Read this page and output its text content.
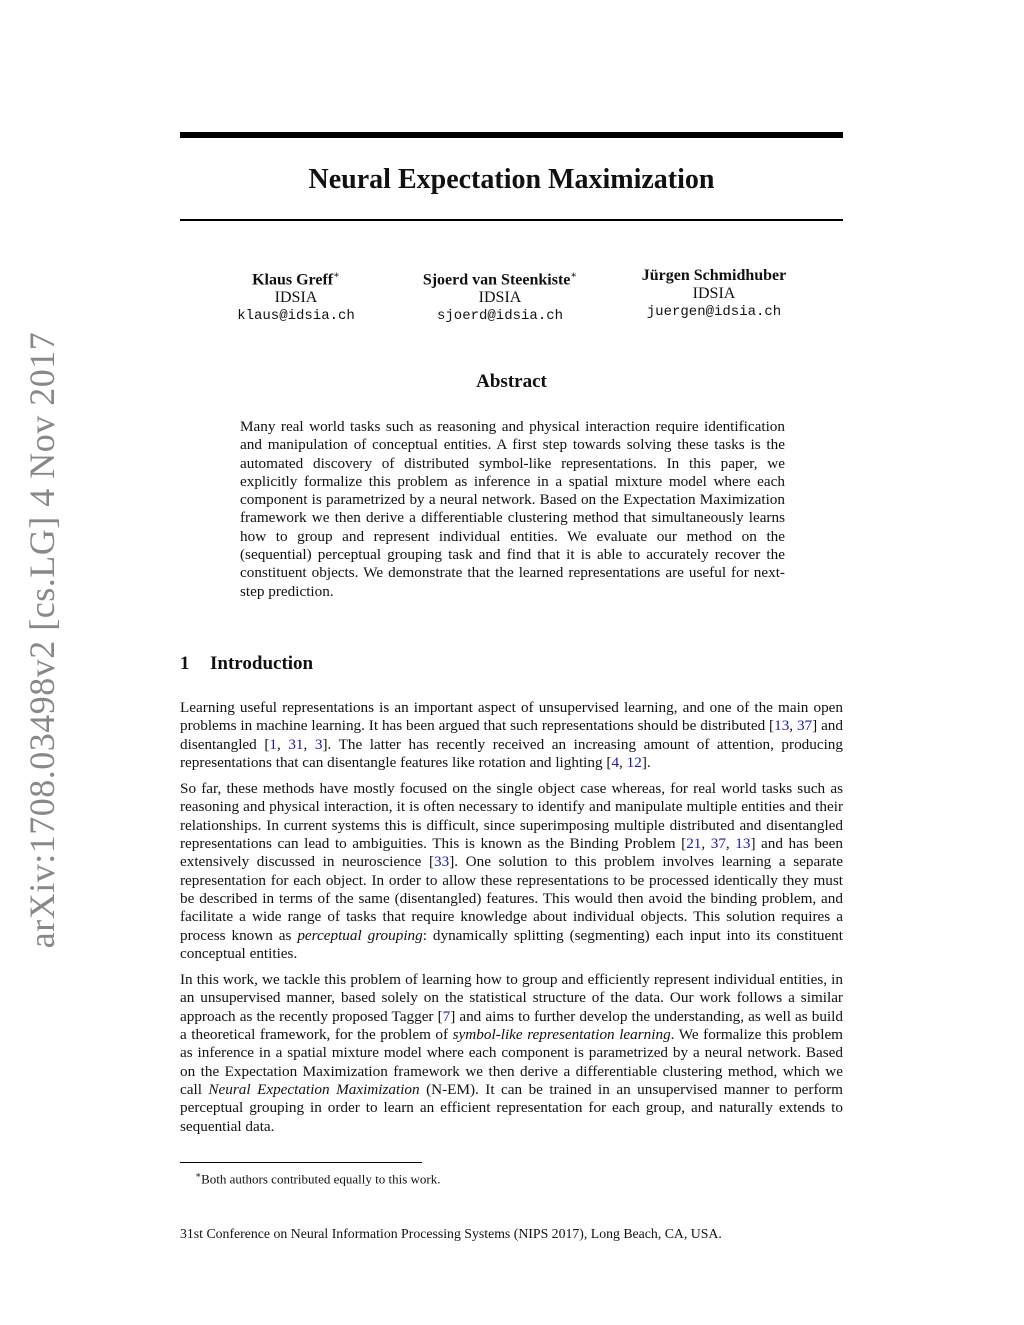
arXiv:1708.03498v2 [cs.LG] 4 Nov 2017
Neural Expectation Maximization
Klaus Greff∗
IDSIA
klaus@idsia.ch
Sjoerd van Steenkiste∗
IDSIA
sjoerd@idsia.ch
Jürgen Schmidhuber
IDSIA
juergen@idsia.ch
Abstract
Many real world tasks such as reasoning and physical interaction require identification and manipulation of conceptual entities. A first step towards solving these tasks is the automated discovery of distributed symbol-like representations. In this paper, we explicitly formalize this problem as inference in a spatial mixture model where each component is parametrized by a neural network. Based on the Expectation Maximization framework we then derive a differentiable clustering method that simultaneously learns how to group and represent individual entities. We evaluate our method on the (sequential) perceptual grouping task and find that it is able to accurately recover the constituent objects. We demonstrate that the learned representations are useful for next-step prediction.
1 Introduction

Learning useful representations is an important aspect of unsupervised learning, and one of the main open problems in machine learning. It has been argued that such representations should be distributed [13, 37] and disentangled [1, 31, 3]. The latter has recently received an increasing amount of attention, producing representations that can disentangle features like rotation and lighting [4, 12].

So far, these methods have mostly focused on the single object case whereas, for real world tasks such as reasoning and physical interaction, it is often necessary to identify and manipulate multiple entities and their relationships. In current systems this is difficult, since superimposing multiple distributed and disentangled representations can lead to ambiguities. This is known as the Binding Problem [21, 37, 13] and has been extensively discussed in neuroscience [33]. One solution to this problem involves learning a separate representation for each object. In order to allow these representations to be processed identically they must be described in terms of the same (disentangled) features. This would then avoid the binding problem, and facilitate a wide range of tasks that require knowledge about individual objects. This solution requires a process known as perceptual grouping: dynamically splitting (segmenting) each input into its constituent conceptual entities.

In this work, we tackle this problem of learning how to group and efficiently represent individual entities, in an unsupervised manner, based solely on the statistical structure of the data. Our work follows a similar approach as the recently proposed Tagger [7] and aims to further develop the understanding, as well as build a theoretical framework, for the problem of symbol-like representation learning. We formalize this problem as inference in a spatial mixture model where each component is parametrized by a neural network. Based on the Expectation Maximization framework we then derive a differentiable clustering method, which we call Neural Expectation Maximization (N-EM). It can be trained in an unsupervised manner to perform perceptual grouping in order to learn an efficient representation for each group, and naturally extends to sequential data.

∗Both authors contributed equally to this work.
31st Conference on Neural Information Processing Systems (NIPS 2017), Long Beach, CA, USA.
